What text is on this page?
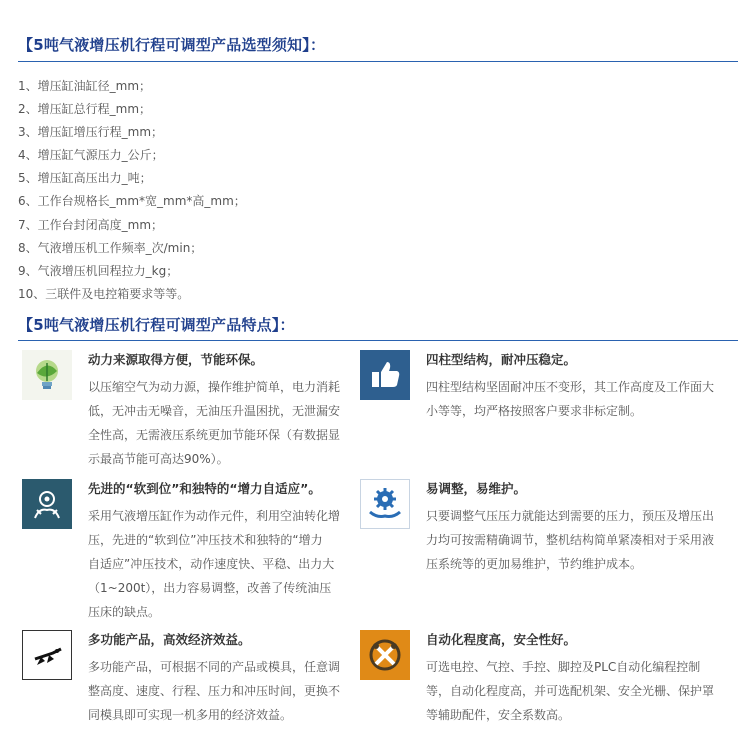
【5吨气液增压机行程可调型产品选型须知】：
1、增压缸油缸径_mm；
2、增压缸总行程_mm；
3、增压缸增压行程_mm；
4、增压缸气源压力_公斤；
5、增压缸高压出力_吨；
6、工作台规格长_mm*宽_mm*高_mm；
7、工作台封闭高度_mm；
8、气液增压机工作频率_次/min；
9、气液增压机回程拉力_kg；
10、三联件及电控箱要求等等。
【5吨气液增压机行程可调型产品特点】：
动力来源取得方便，节能环保。
以压缩空气为动力源，操作维护简单，电力消耗
低，无冲击无噪音，无油压升温困扰，无泄漏安
全性高，无需液压系统更加节能环保（有数据显
示最高节能可高达90%）。
四柱型结构，耐冲压稳定。
四柱型结构坚固耐冲压不变形，其工作高度及工作面大
小等等，均严格按照客户要求非标定制。
先进的“软到位”和独特的“增力自适应”。
采用气液增压缸作为动作元件，利用空油转化增
压，先进的“软到位”冲压技术和独特的“增力
自适应”冲压技术，动作速度快、平稳、出力大
（1~200t），出力容易调整，改善了传统油压
压床的缺点。
易调整，易维护。
只要调整气压压力就能达到需要的压力，预压及增压出
力均可按需精确调节，整机结构简单紧凑相对于采用液
压系统等的更加易维护，节约维护成本。
多功能产品，高效经济效益。
多功能产品，可根据不同的产品或模具，任意调
整高度、速度、行程、压力和冲压时间，更换不
同模具即可实现一机多用的经济效益。
自动化程度高，安全性好。
可选电控、气控、手控、脚控及PLC自动化编程控制
等，自动化程度高，并可选配机架、安全光栅、保护罩
等辅助配件，安全系数高。
